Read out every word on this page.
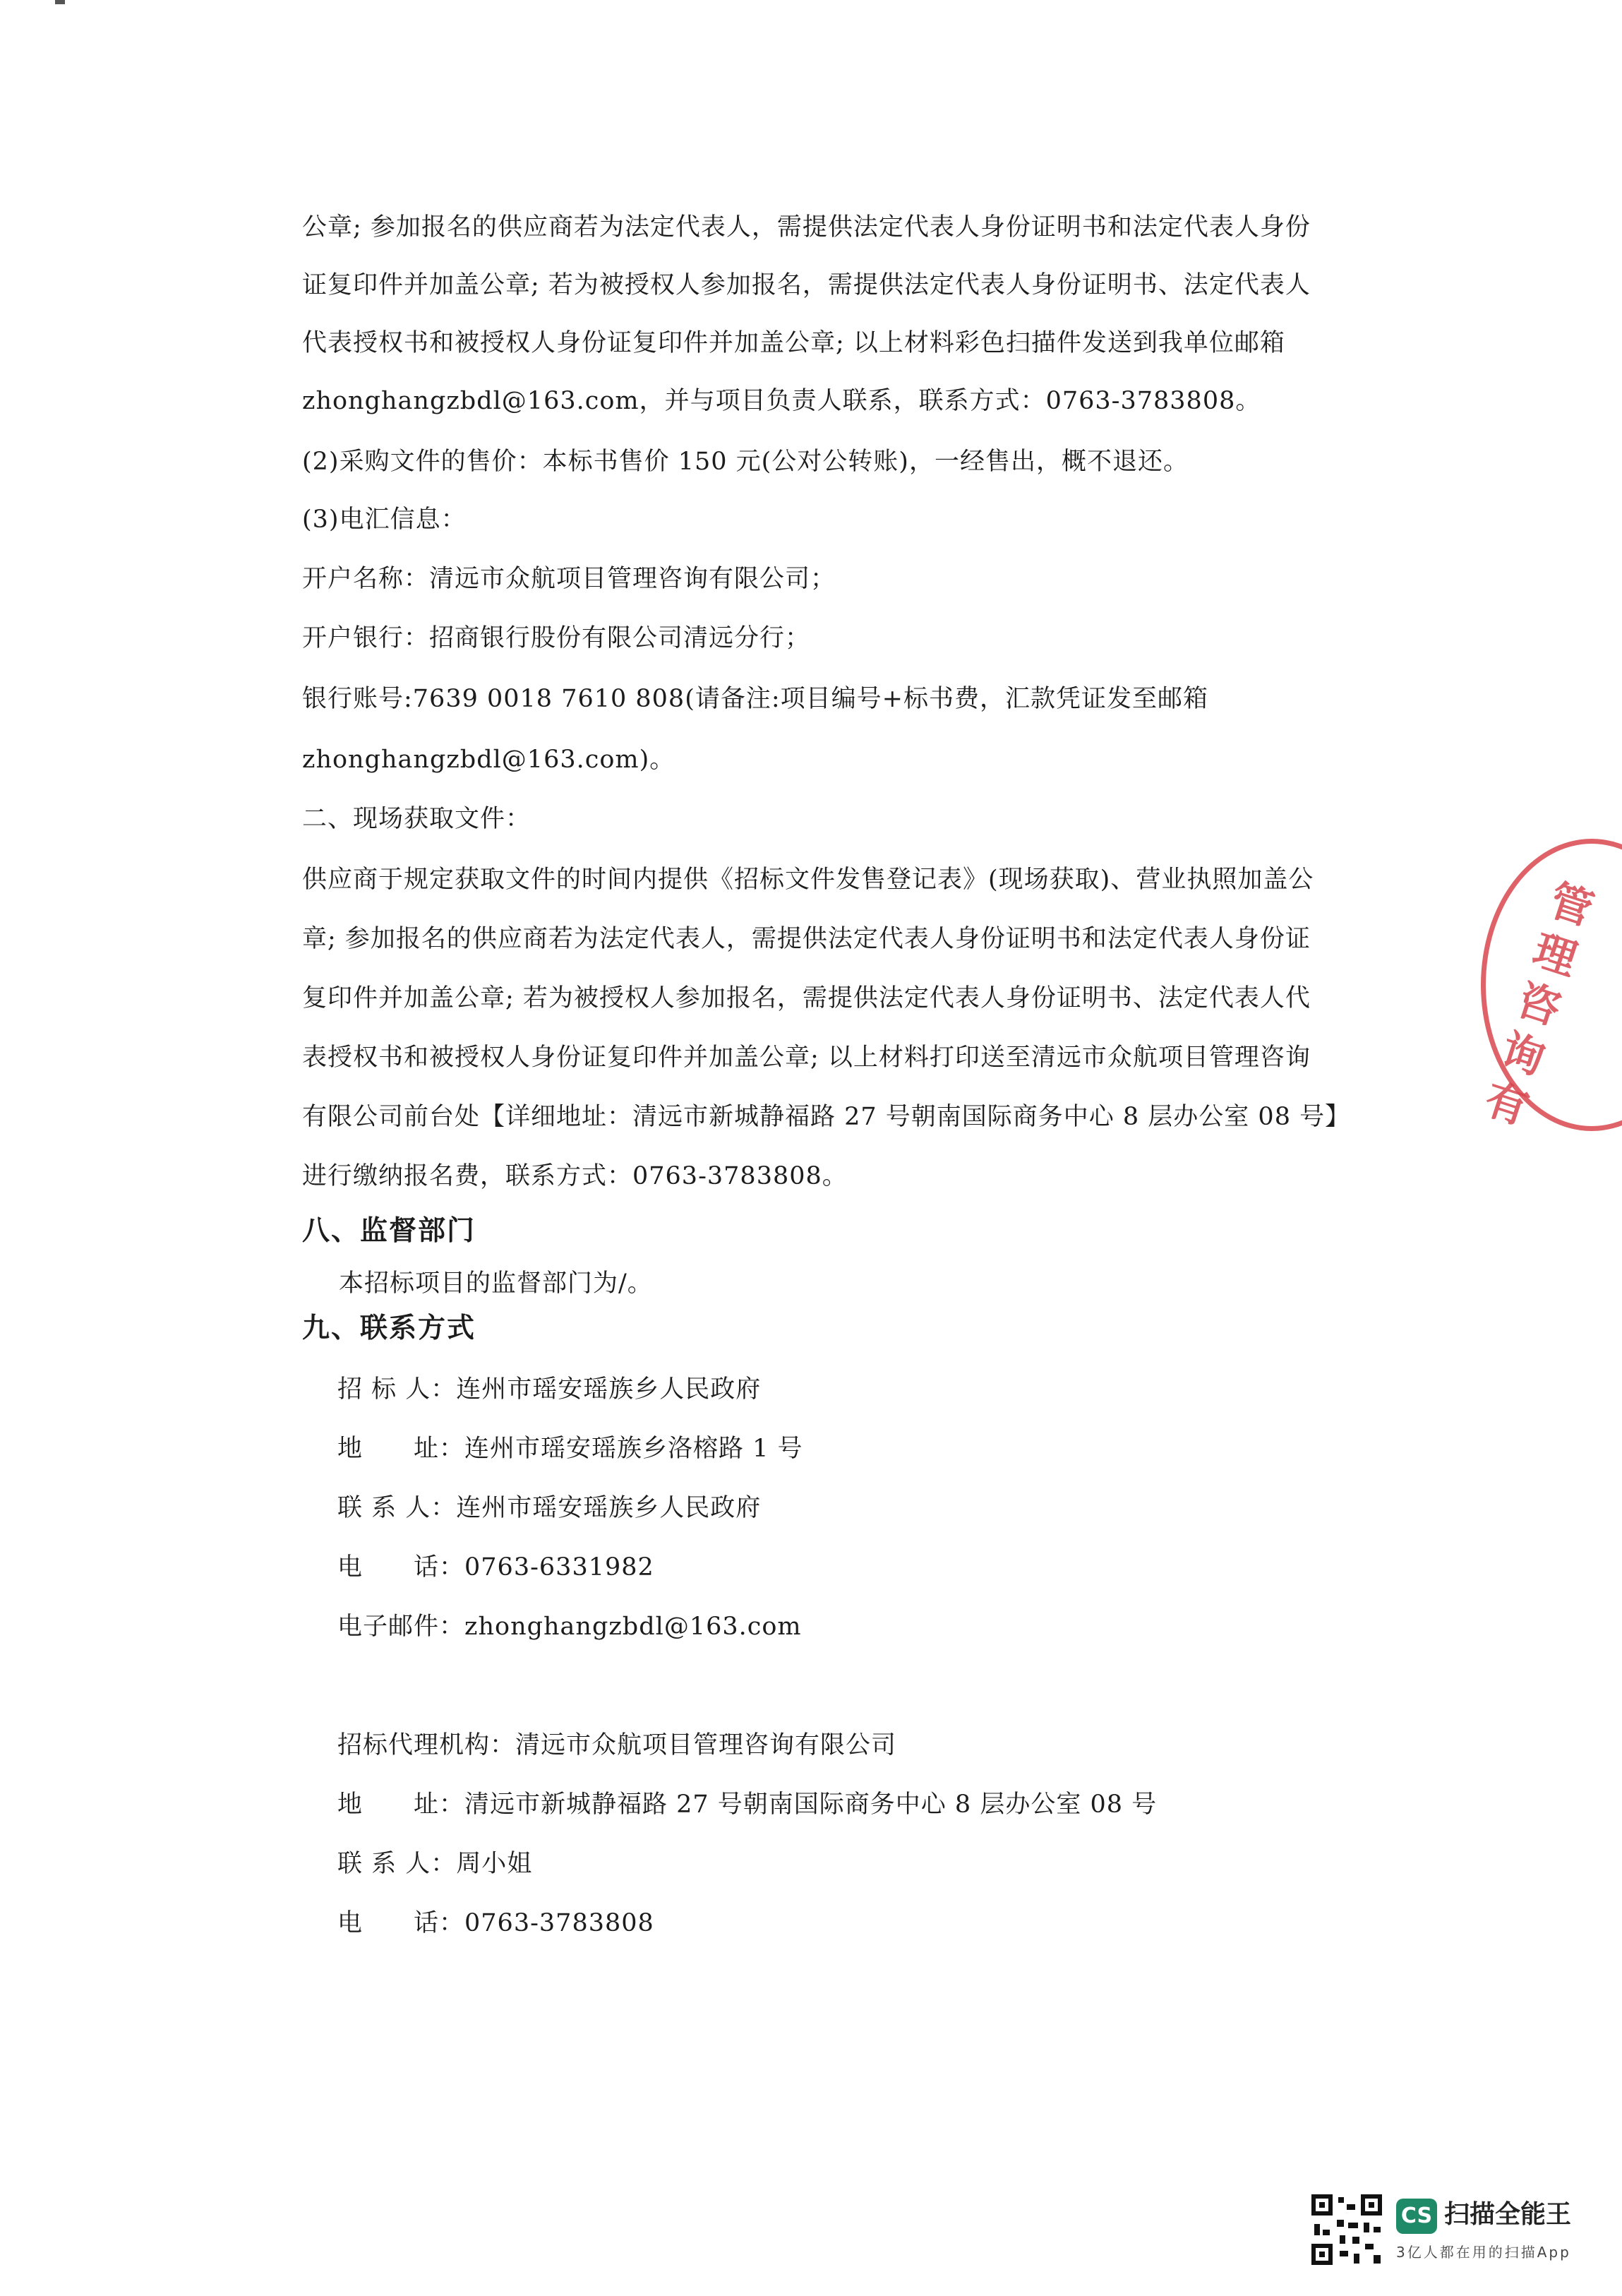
公章; 参加报名的供应商若为法定代表人，需提供法定代表人身份证明书和法定代表人身份

证复印件并加盖公章; 若为被授权人参加报名，需提供法定代表人身份证明书、法定代表人

代表授权书和被授权人身份证复印件并加盖公章; 以上材料彩色扫描件发送到我单位邮箱

zhonghangzbdl@163.com，并与项目负责人联系，联系方式：0763-3783808。

(2)采购文件的售价：本标书售价 150 元(公对公转账)，一经售出，概不退还。

(3)电汇信息：

开户名称：清远市众航项目管理咨询有限公司；

开户银行：招商银行股份有限公司清远分行；

银行账号:7639 0018 7610 808(请备注:项目编号+标书费，汇款凭证发至邮箱

zhonghangzbdl@163.com)。

二、现场获取文件：

供应商于规定获取文件的时间内提供《招标文件发售登记表》(现场获取)、营业执照加盖公

章; 参加报名的供应商若为法定代表人，需提供法定代表人身份证明书和法定代表人身份证

复印件并加盖公章; 若为被授权人参加报名，需提供法定代表人身份证明书、法定代表人代

表授权书和被授权人身份证复印件并加盖公章; 以上材料打印送至清远市众航项目管理咨询

有限公司前台处【详细地址：清远市新城静福路 27 号朝南国际商务中心 8 层办公室 08 号】

进行缴纳报名费，联系方式：0763-3783808。

八、监督部门

本招标项目的监督部门为/。

九、联系方式
招 标 人：连州市瑶安瑶族乡人民政府
地　　址：连州市瑶安瑶族乡洛榕路 1 号
联 系 人：连州市瑶安瑶族乡人民政府
电　　话：0763-6331982
电子邮件：zhonghangzbdl@163.com
招标代理机构：清远市众航项目管理咨询有限公司
地　　址：清远市新城静福路 27 号朝南国际商务中心 8 层办公室 08 号
联 系 人：周小姐
电　　话：0763-3783808
管理咨询有
CS 扫描全能王
3亿人都在用的扫描App
